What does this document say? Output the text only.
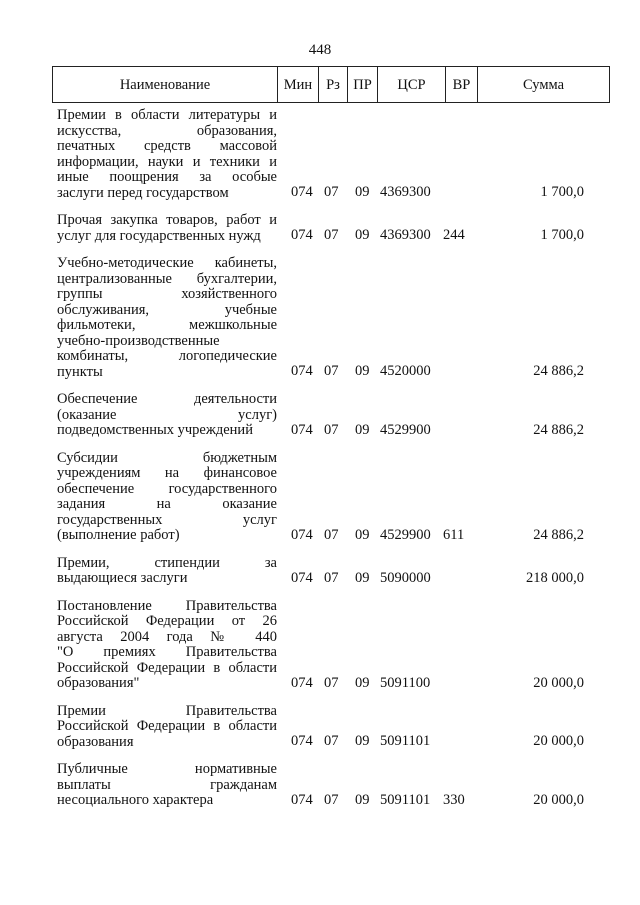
448
Наименование	Мин	Рз	ПР	ЦСР	ВР	Сумма
Премии в области литературы и
искусства, образования,
печатных средств массовой
информации, науки и техники и
иные поощрения за особые
заслуги перед государством	074 07 09 4369300	1 700,0
Прочая закупка товаров, работ и
услуг для государственных нужд	074 07 09 4369300 244	1 700,0
Учебно-методические кабинеты,
централизованные бухгалтерии,
группы хозяйственного
обслуживания, учебные
фильмотеки, межшкольные
учебно-производственные
комбинаты, логопедические
пункты	074 07 09 4520000	24 886,2
Обеспечение деятельности
(оказание услуг)
подведомственных учреждений	074 07 09 4529900	24 886,2
Субсидии бюджетным
учреждениям на финансовое
обеспечение государственного
задания на оказание
государственных услуг
(выполнение работ)	074 07 09 4529900 611	24 886,2
Премии, стипендии за
выдающиеся заслуги	074 07 09 5090000	218 000,0
Постановление Правительства
Российской Федерации от 26
августа 2004 года № 440
"О премиях Правительства
Российской Федерации в области
образования"	074 07 09 5091100	20 000,0
Премии Правительства
Российской Федерации в области
образования	074 07 09 5091101	20 000,0
Публичные нормативные
выплаты гражданам
несоциального характера	074 07 09 5091101 330	20 000,0
